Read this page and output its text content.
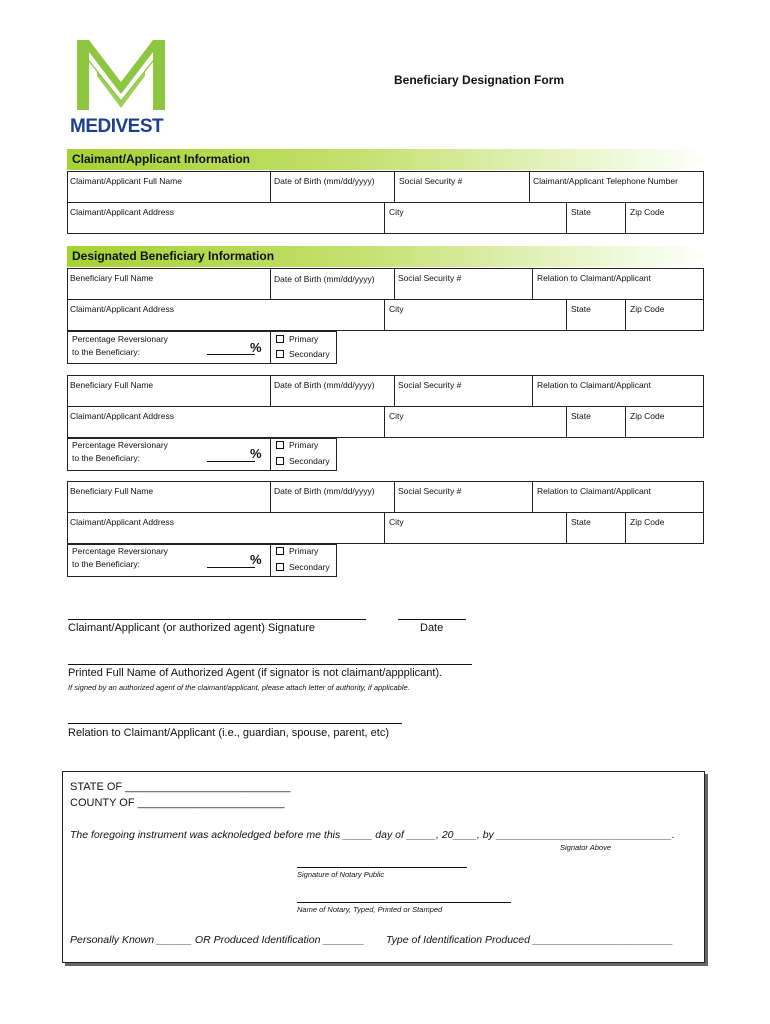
MEDIVEST
Beneficiary Designation Form
Claimant/Applicant Information
Claimant/Applicant Full Name	Date of Birth (mm/dd/yyyy)	Social Security #	Claimant/Applicant Telephone Number
Claimant/Applicant Address	City	State	Zip Code
Designated Beneficiary Information
Beneficiary Full Name	Date of Birth (mm/dd/yyyy)	Social Security #	Relation to Claimant/Applicant
Claimant/Applicant Address	City	State	Zip Code
Percentage Reversionary
to the Beneficiary:	%
Primary
Secondary
Beneficiary Full Name	Date of Birth (mm/dd/yyyy)	Social Security #	Relation to Claimant/Applicant
Claimant/Applicant Address	City	State	Zip Code
Percentage Reversionary
to the Beneficiary:	%
Primary
Secondary
Beneficiary Full Name	Date of Birth (mm/dd/yyyy)	Social Security #	Relation to Claimant/Applicant
Claimant/Applicant Address	City	State	Zip Code
Percentage Reversionary
to the Beneficiary:	%
Primary
Secondary
Claimant/Applicant (or authorized agent) Signature	Date
Printed Full Name of Authorized Agent (if signator is not claimant/appplicant).
If signed by an authorized agent of the claimant/applicant, please attach letter of authority, if applicable.
Relation to Claimant/Applicant (i.e., guardian, spouse, parent, etc)
STATE OF ___________________________
COUNTY OF ________________________
The foregoing instrument was acknoledged before me this _____ day of _____, 20____, by ______________________________.
Signator Above
Signature of Notary Public
Name of Notary, Typed, Printed or Stamped
Personally Known ______ OR Produced Identification _______ Type of Identification Produced ________________________
